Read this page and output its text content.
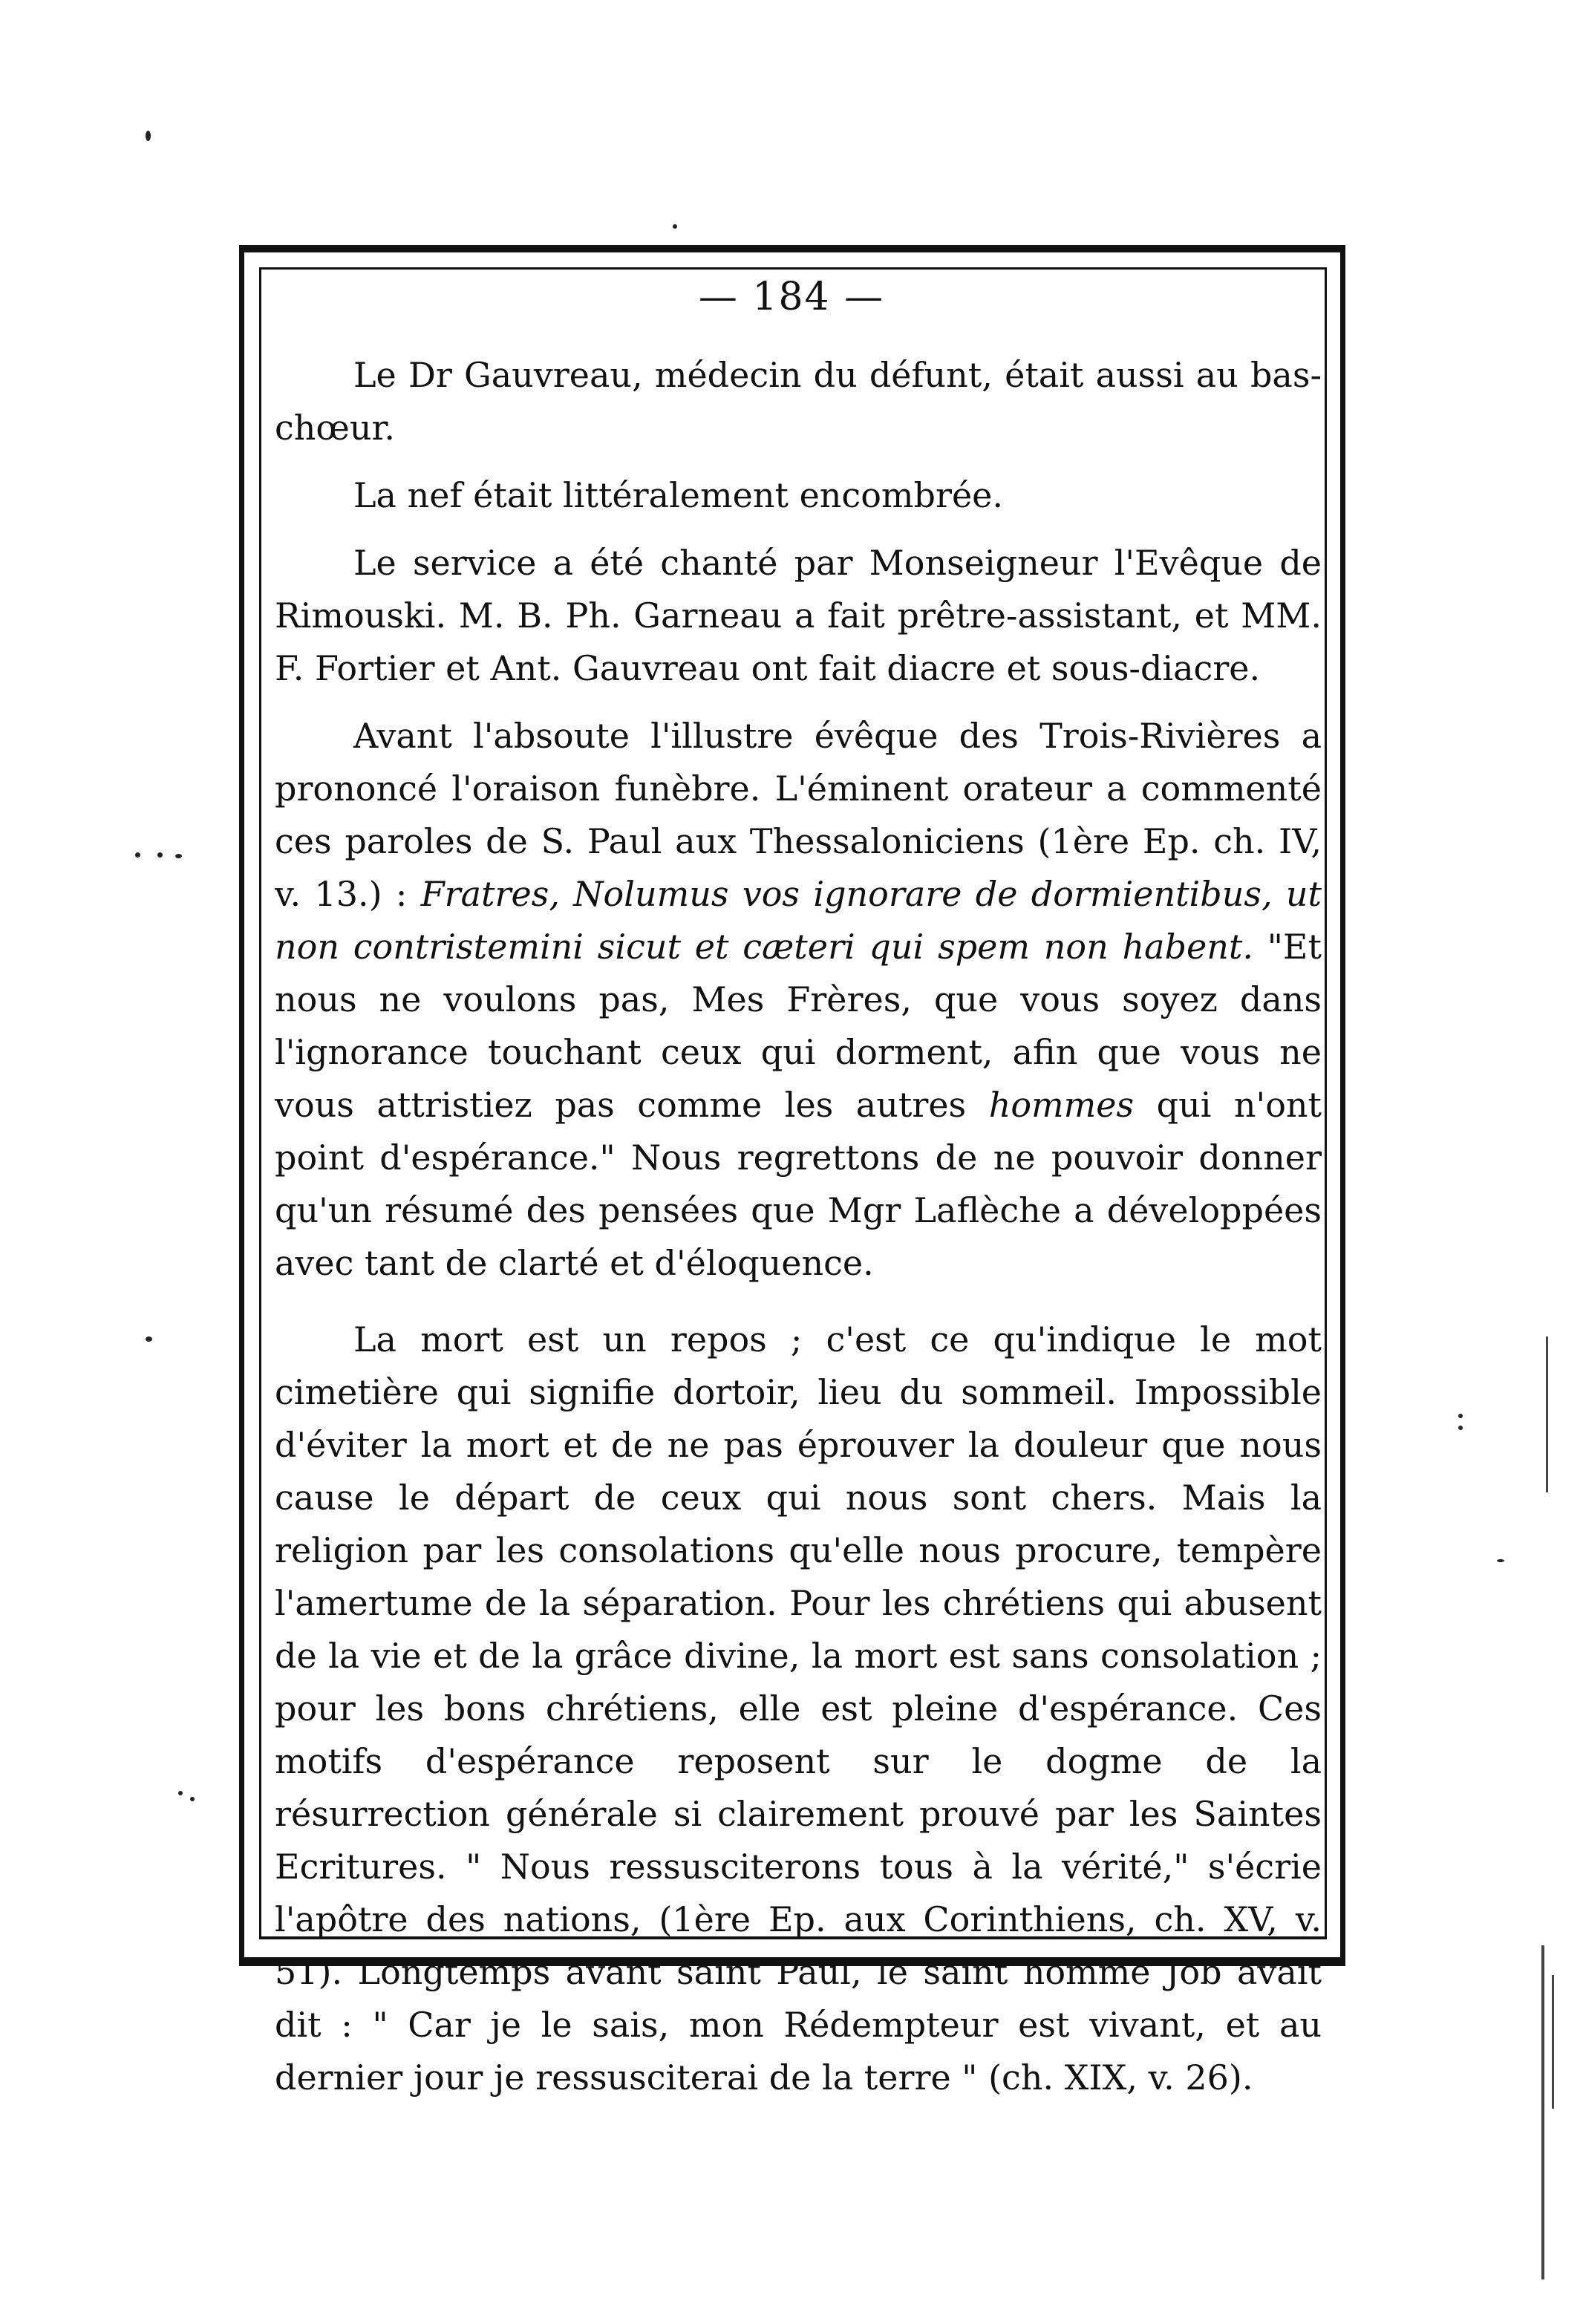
— 184 —

Le Dr Gauvreau, médecin du défunt, était aussi au bas-chœur.

La nef était littéralement encombrée.

Le service a été chanté par Monseigneur l'Evêque de Rimouski. M. B. Ph. Garneau a fait prêtre-assistant, et MM. F. Fortier et Ant. Gauvreau ont fait diacre et sous-diacre.

Avant l'absoute l'illustre évêque des Trois-Rivières a prononcé l'oraison funèbre. L'éminent orateur a commenté ces paroles de S. Paul aux Thessaloniciens (1ère Ep. ch. IV, v. 13.) : Fratres, Nolumus vos ignorare de dormientibus, ut non contristemini sicut et cæteri qui spem non habent. "Et nous ne voulons pas, Mes Frères, que vous soyez dans l'ignorance touchant ceux qui dorment, afin que vous ne vous attristiez pas comme les autres hommes qui n'ont point d'espérance." Nous regrettons de ne pouvoir donner qu'un résumé des pensées que Mgr Laflèche a développées avec tant de clarté et d'éloquence.

La mort est un repos ; c'est ce qu'indique le mot cimetière qui signifie dortoir, lieu du sommeil. Impossible d'éviter la mort et de ne pas éprouver la douleur que nous cause le départ de ceux qui nous sont chers. Mais la religion par les consolations qu'elle nous procure, tempère l'amertume de la séparation. Pour les chrétiens qui abusent de la vie et de la grâce divine, la mort est sans consolation ; pour les bons chrétiens, elle est pleine d'espérance. Ces motifs d'espérance reposent sur le dogme de la résurrection générale si clairement prouvé par les Saintes Ecritures. " Nous ressusciterons tous à la vérité," s'écrie l'apôtre des nations, (1ère Ep. aux Corinthiens, ch. XV, v. 51). Longtemps avant saint Paul, le saint homme Job avait dit : " Car je le sais, mon Rédempteur est vivant, et au dernier jour je ressusciterai de la terre " (ch. XIX, v. 26).
